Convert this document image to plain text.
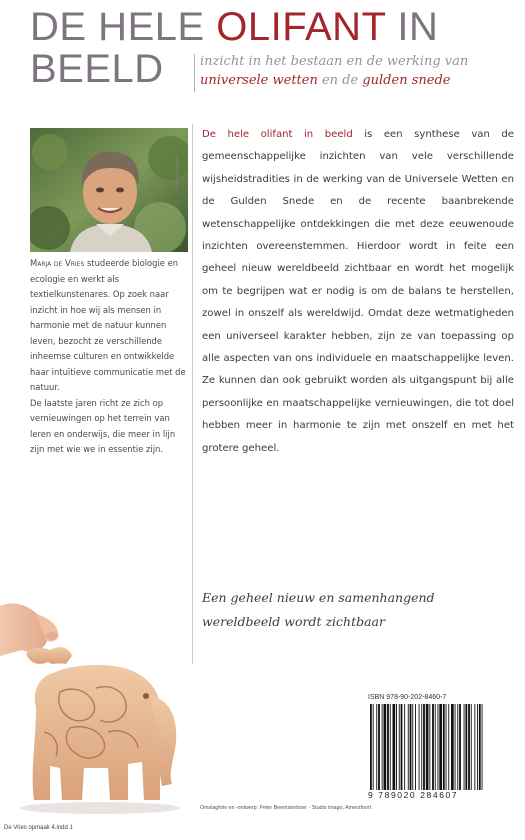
DE HELE OLIFANT IN
BEELD	inzicht in het bestaan en de werking van
universele wetten en de gulden snede
Foto: Ellie Beuker
Marja de Vries studeerde biologie en ecologie en werkt als textielkunstenares. Op zoek naar inzicht in hoe wij als mensen in harmonie met de natuur kunnen leven, bezocht ze verschillende inheemse culturen en ontwikkelde haar intuïtieve communicatie met de natuur.
De laatste jaren richt ze zich op vernieuwingen op het terrein van leren en onderwijs, die meer in lijn zijn met wie we in essentie zijn.
De hele olifant in beeld is een synthese van de gemeenschappelijke inzichten van vele verschillende wijsheidstradities in de werking van de Universele Wetten en de Gulden Snede en de recente baanbrekende wetenschappelijke ontdekkingen die met deze eeuwenoude inzichten overeenstemmen. Hierdoor wordt in feite een geheel nieuw wereldbeeld zichtbaar en wordt het mogelijk om te begrijpen wat er nodig is om de balans te herstellen, zowel in onszelf als wereldwijd. Omdat deze wetmatigheden een universeel karakter hebben, zijn ze van toepassing op alle aspecten van ons individuele en maatschappelijke leven. Ze kunnen dan ook gebruikt worden als uitgangspunt bij alle persoonlijke en maatschappelijke vernieuwingen, die tot doel hebben meer in harmonie te zijn met onszelf en met het grotere geheel.
Een geheel nieuw en samenhangend
wereldbeeld wordt zichtbaar
ISBN 978-90-202-8460-7
9 789020 284607
Omslagfoto en -ontwerp: Peter Beemsterboer · Studio imago, Amersfoort
De Vries opmaak 4.indd 1
